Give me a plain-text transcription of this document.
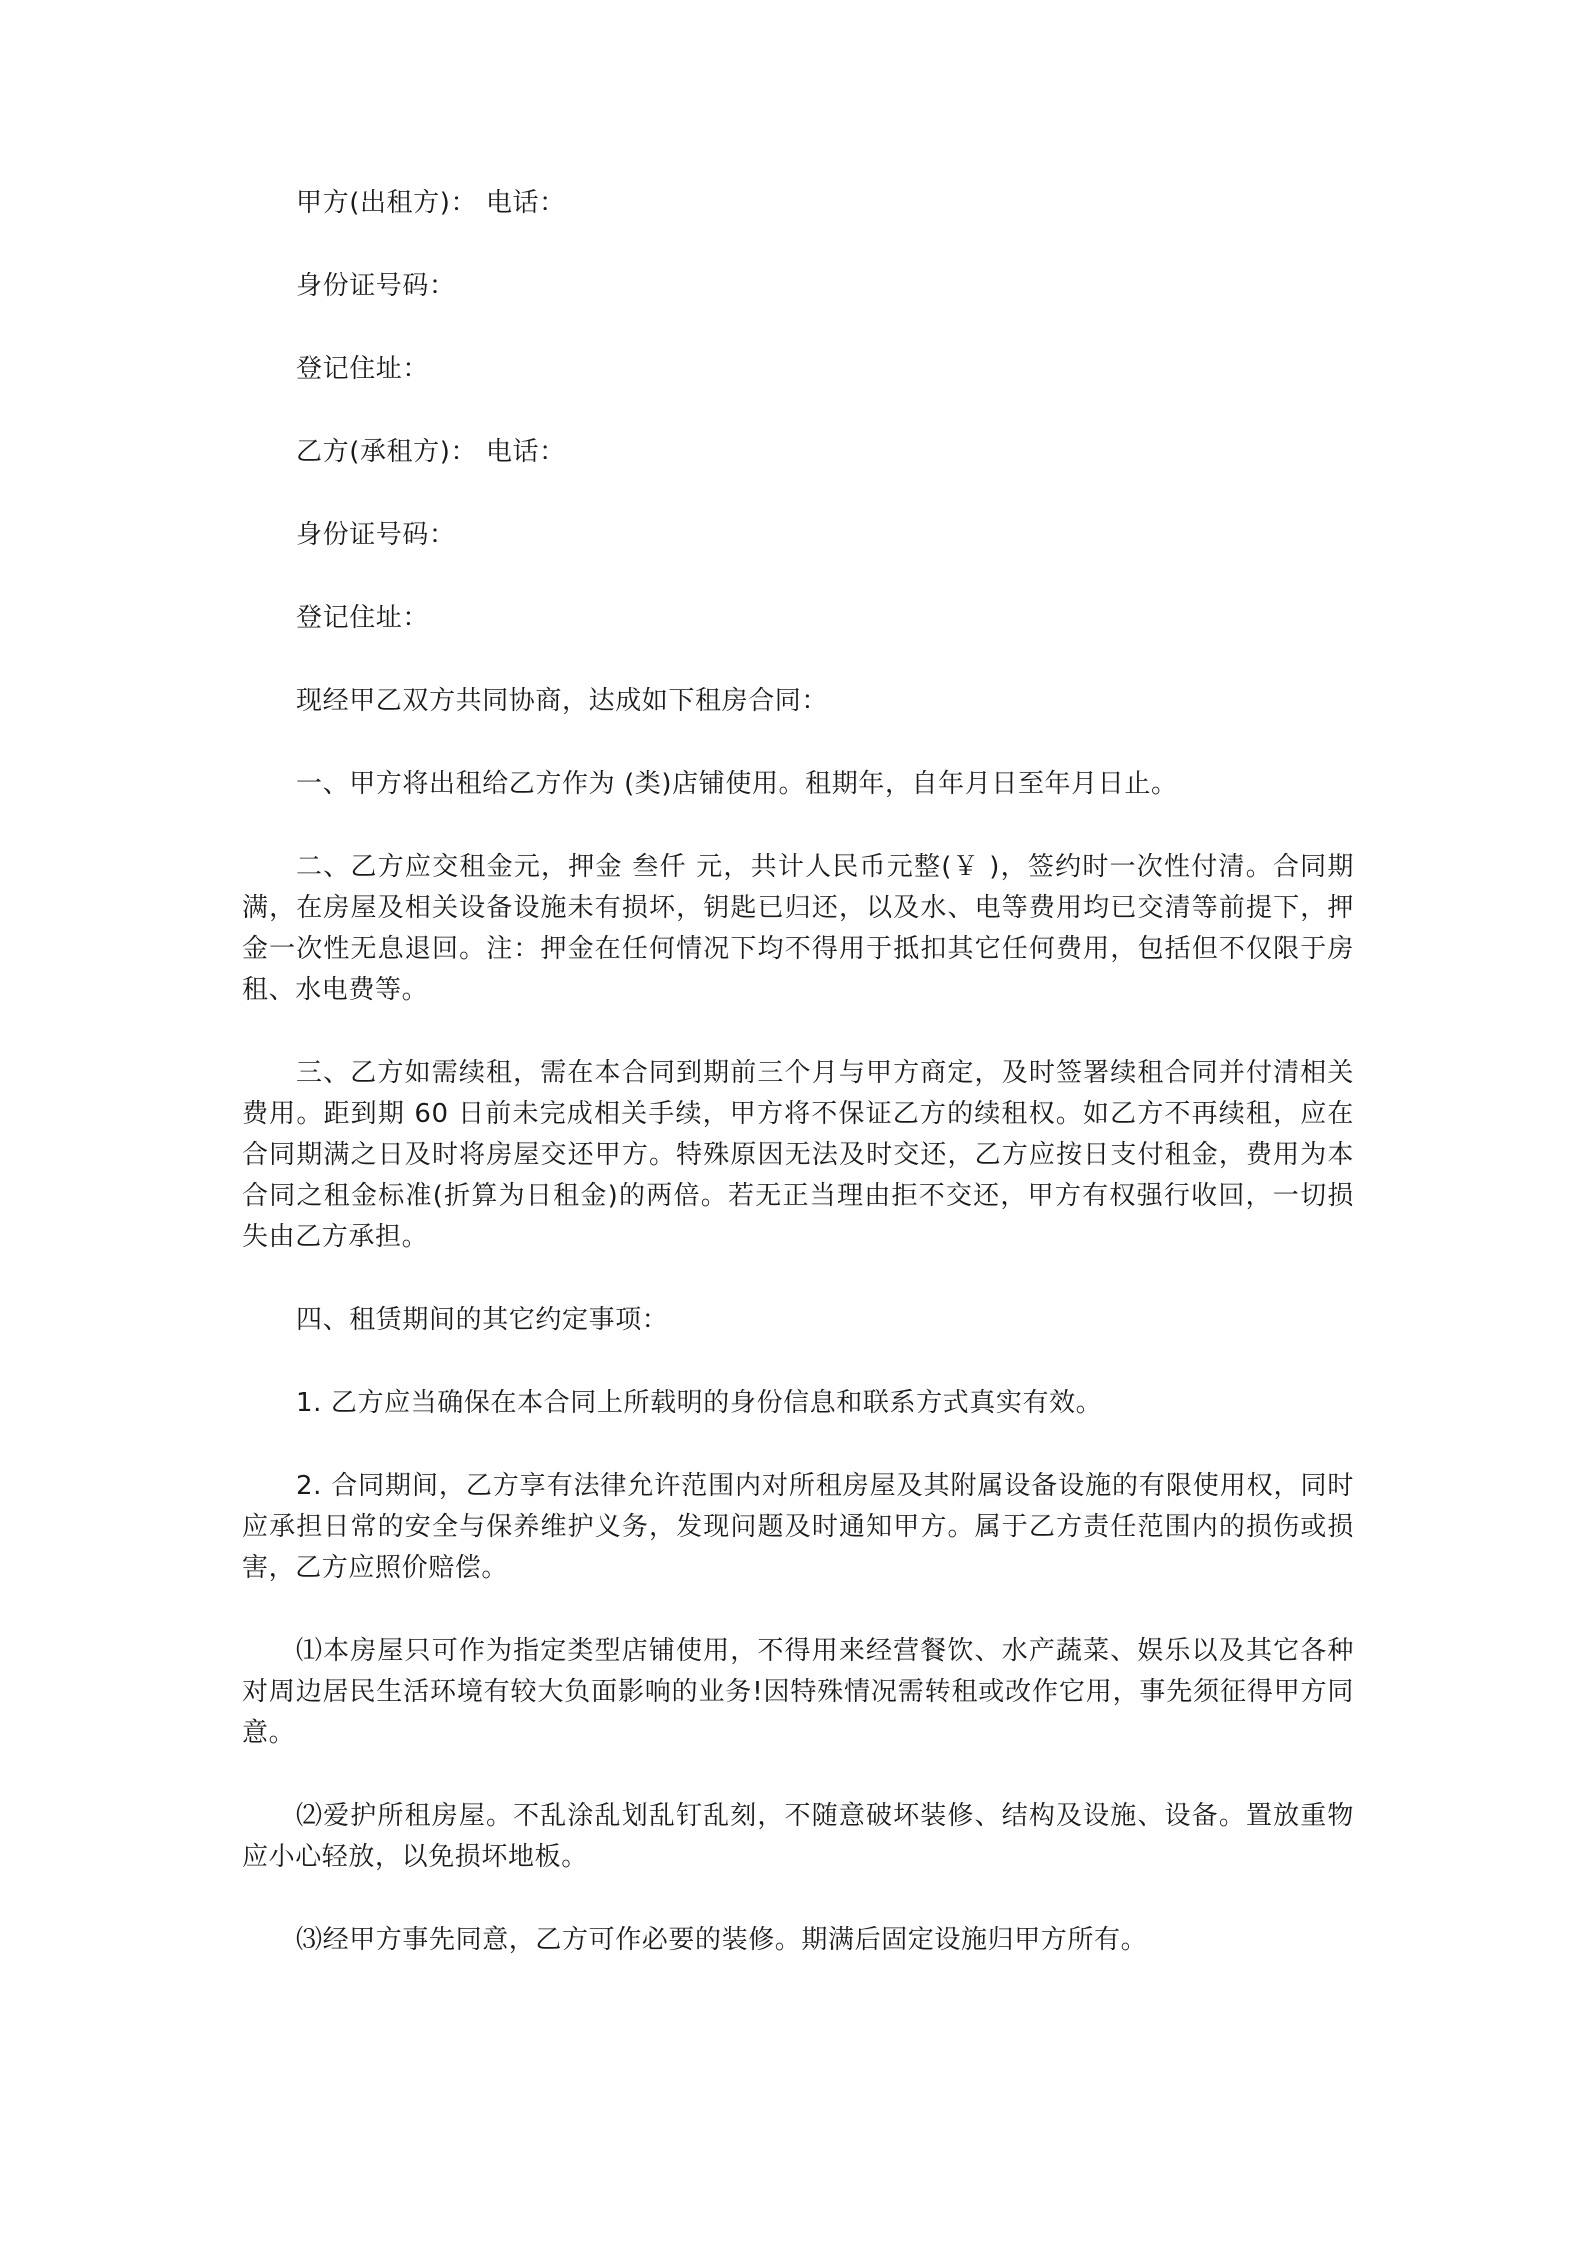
甲方(出租方)： 电话：

身份证号码：

登记住址：

乙方(承租方)： 电话：

身份证号码：

登记住址：

现经甲乙双方共同协商，达成如下租房合同：

一、甲方将出租给乙方作为 (类)店铺使用。租期年，自年月日至年月日止。

二、乙方应交租金元，押金 叁仟 元，共计人民币元整(￥ )，签约时一次性付清。合同期满，在房屋及相关设备设施未有损坏，钥匙已归还，以及水、电等费用均已交清等前提下，押金一次性无息退回。注：押金在任何情况下均不得用于抵扣其它任何费用，包括但不仅限于房租、水电费等。

三、乙方如需续租，需在本合同到期前三个月与甲方商定，及时签署续租合同并付清相关费用。距到期 60 日前未完成相关手续，甲方将不保证乙方的续租权。如乙方不再续租，应在合同期满之日及时将房屋交还甲方。特殊原因无法及时交还，乙方应按日支付租金，费用为本合同之租金标准(折算为日租金)的两倍。若无正当理由拒不交还，甲方有权强行收回，一切损失由乙方承担。

四、租赁期间的其它约定事项：

1. 乙方应当确保在本合同上所载明的身份信息和联系方式真实有效。

2. 合同期间，乙方享有法律允许范围内对所租房屋及其附属设备设施的有限使用权，同时应承担日常的安全与保养维护义务，发现问题及时通知甲方。属于乙方责任范围内的损伤或损害，乙方应照价赔偿。

⑴本房屋只可作为指定类型店铺使用，不得用来经营餐饮、水产蔬菜、娱乐以及其它各种对周边居民生活环境有较大负面影响的业务!因特殊情况需转租或改作它用，事先须征得甲方同意。

⑵爱护所租房屋。不乱涂乱划乱钉乱刻，不随意破坏装修、结构及设施、设备。置放重物应小心轻放，以免损坏地板。

⑶经甲方事先同意，乙方可作必要的装修。期满后固定设施归甲方所有。
